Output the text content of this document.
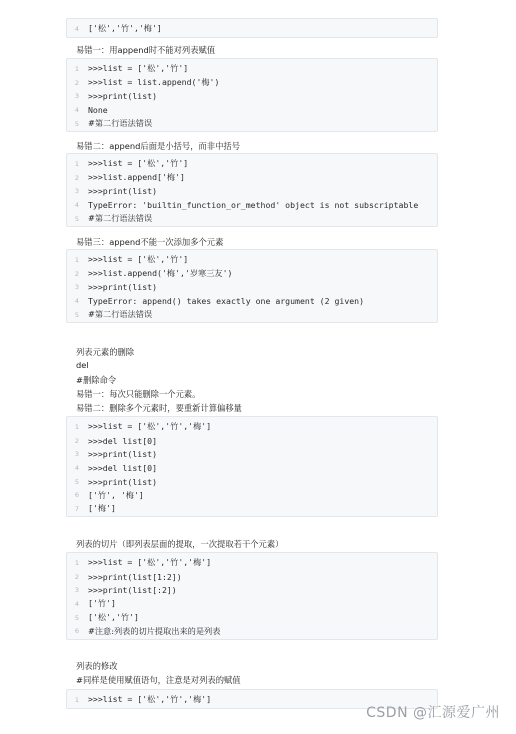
4	['松','竹','梅']
易错一：用append时不能对列表赋值
1	>>>list = ['松','竹']
2	>>>list = list.append('梅')
3	>>>print(list)
4	None
5	#第二行语法错误
易错二：append后面是小括号，而非中括号
1	>>>list = ['松','竹']
2	>>>list.append['梅']
3	>>>print(list)
4	TypeError: 'builtin_function_or_method' object is not subscriptable
5	#第二行语法错误
易错三：append不能一次添加多个元素
1	>>>list = ['松','竹']
2	>>>list.append('梅','岁寒三友')
3	>>>print(list)
4	TypeError: append() takes exactly one argument (2 given)
5	#第二行语法错误
列表元素的删除
del
#删除命令
易错一：每次只能删除一个元素。
易错二：删除多个元素时，要重新计算偏移量
1	>>>list = ['松','竹','梅']
2	>>>del list[0]
3	>>>print(list)
4	>>>del list[0]
5	>>>print(list)
6	['竹', '梅']
7	['梅']
列表的切片（即列表层面的提取，一次提取若干个元素）
1	>>>list = ['松','竹','梅']
2	>>>print(list[1:2])
3	>>>print(list[:2])
4	['竹']
5	['松','竹']
6	#注意:列表的切片提取出来的是列表
列表的修改
#同样是使用赋值语句，注意是对列表的赋值
1	>>>list = ['松','竹','梅']
CSDN @汇源爱广州
